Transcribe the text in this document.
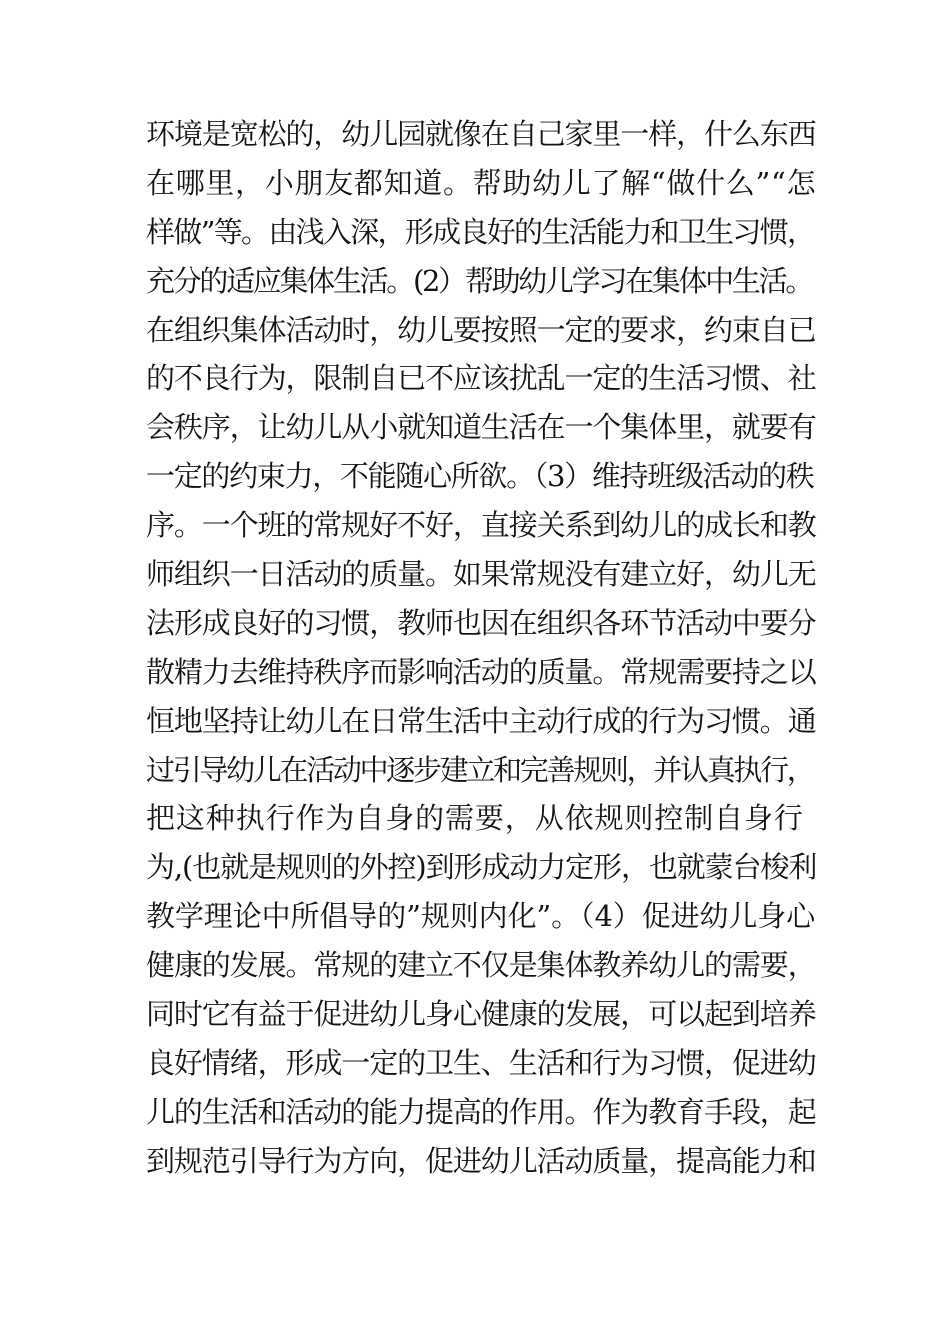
环境是宽松的，幼儿园就像在自己家里一样，什么东西
在哪里，小朋友都知道。帮助幼儿了解“做什么”“怎
样做”等。由浅入深，形成良好的生活能力和卫生习惯，
充分的适应集体生活。(2）帮助幼儿学习在集体中生活。
在组织集体活动时，幼儿要按照一定的要求，约束自已
的不良行为，限制自已不应该扰乱一定的生活习惯、社
会秩序，让幼儿从小就知道生活在一个集体里，就要有
一定的约束力，不能随心所欲。（3）维持班级活动的秩
序。一个班的常规好不好，直接关系到幼儿的成长和教
师组织一日活动的质量。如果常规没有建立好，幼儿无
法形成良好的习惯，教师也因在组织各环节活动中要分
散精力去维持秩序而影响活动的质量。常规需要持之以
恒地坚持让幼儿在日常生活中主动行成的行为习惯。通
过引导幼儿在活动中逐步建立和完善规则，并认真执行，
把这种执行作为自身的需要，从依规则控制自身行
为,(也就是规则的外控)到形成动力定形，也就蒙台梭利
教学理论中所倡导的”规则内化”。（4）促进幼儿身心
健康的发展。常规的建立不仅是集体教养幼儿的需要，
同时它有益于促进幼儿身心健康的发展，可以起到培养
良好情绪，形成一定的卫生、生活和行为习惯，促进幼
儿的生活和活动的能力提高的作用。作为教育手段，起
到规范引导行为方向，促进幼儿活动质量，提高能力和
